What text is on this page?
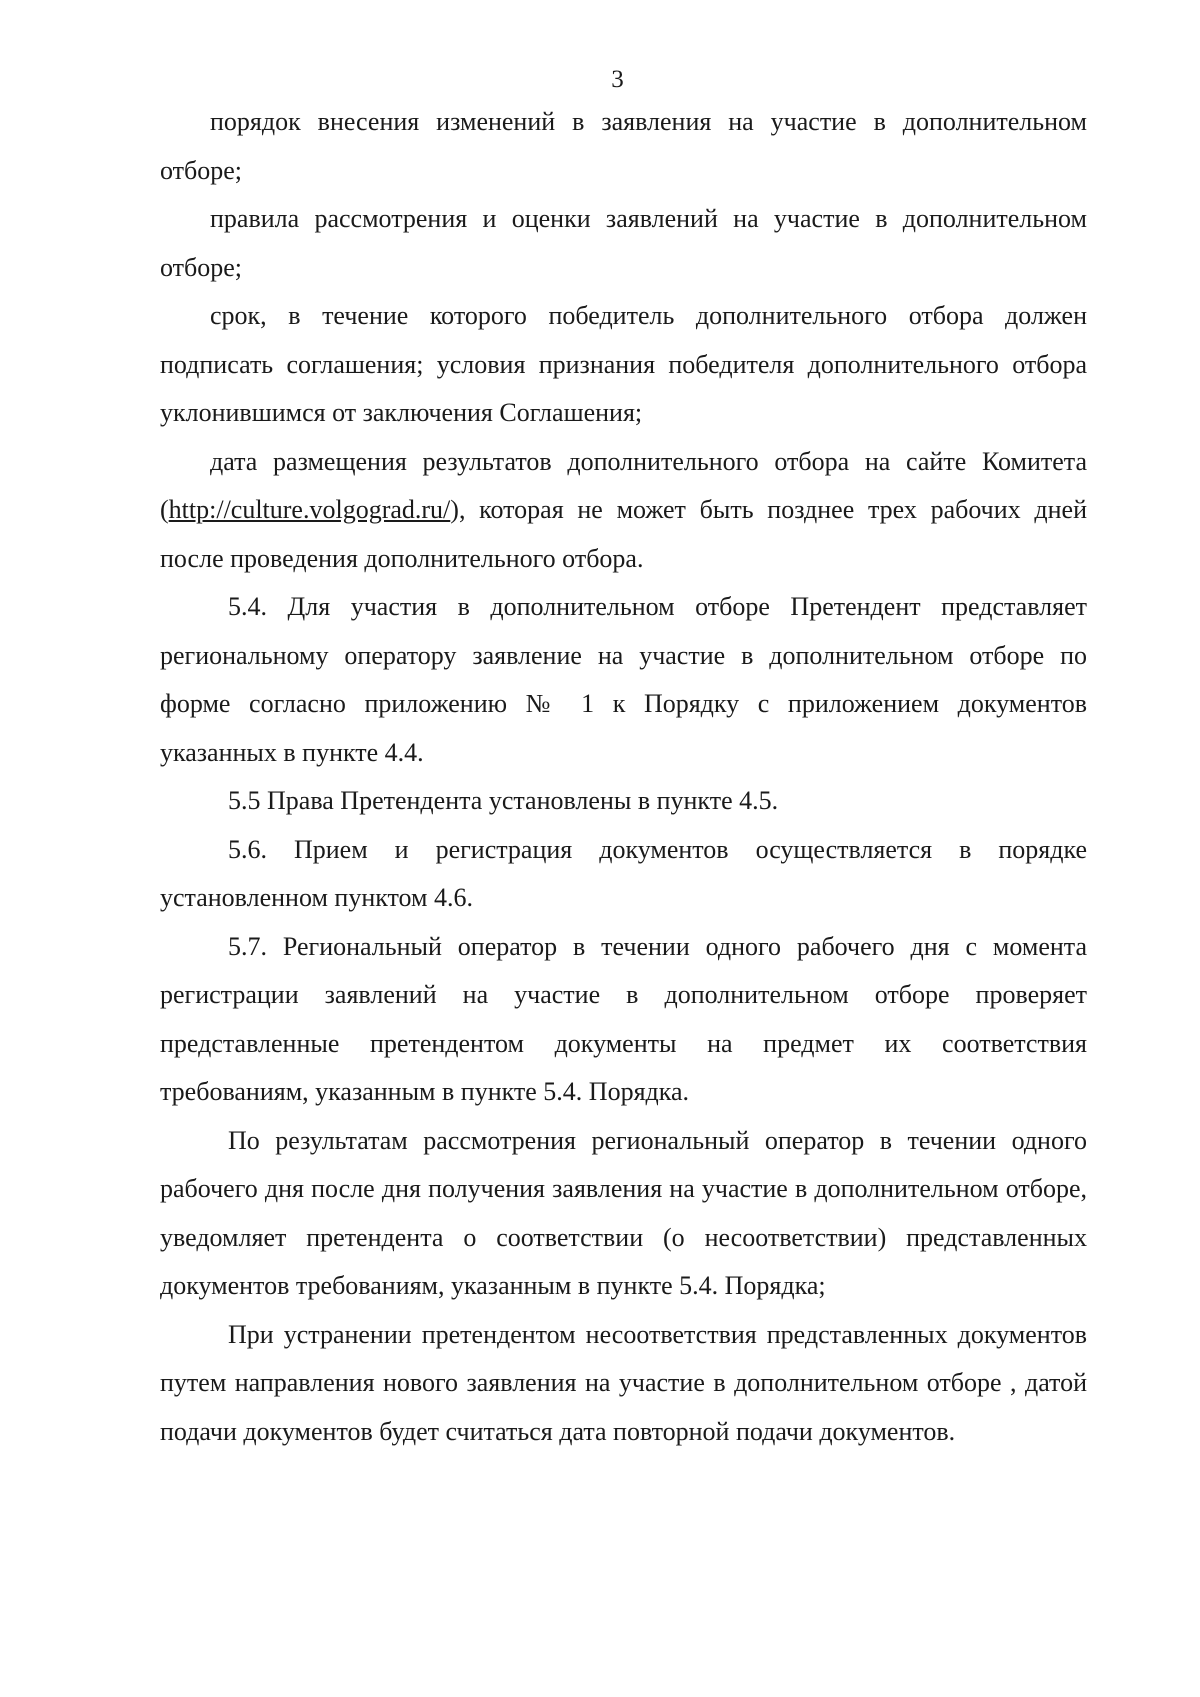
3

порядок внесения изменений в заявления на участие в дополнительном отборе;

правила рассмотрения и оценки заявлений на участие в дополнительном отборе;

срок, в течение которого победитель дополнительного отбора должен подписать соглашения; условия признания победителя дополнительного отбора уклонившимся от заключения Соглашения;

дата размещения результатов дополнительного отбора на сайте Комитета (http://culture.volgograd.ru/), которая не может быть позднее трех рабочих дней после проведения дополнительного отбора.

5.4. Для участия в дополнительном отборе Претендент представляет региональному оператору заявление на участие в дополнительном отборе по форме согласно приложению № 1 к Порядку с приложением документов указанных в пункте 4.4.

5.5 Права Претендента установлены в пункте 4.5.

5.6. Прием и регистрация документов осуществляется в порядке установленном пунктом 4.6.

5.7. Региональный оператор в течении одного рабочего дня с момента регистрации заявлений на участие в дополнительном отборе проверяет представленные претендентом документы на предмет их соответствия требованиям, указанным в пункте 5.4. Порядка.

По результатам рассмотрения региональный оператор в течении одного рабочего дня после дня получения заявления на участие в дополнительном отборе, уведомляет претендента о соответствии (о несоответствии) представленных документов требованиям, указанным в пункте 5.4. Порядка;

При устранении претендентом несоответствия представленных документов путем направления нового заявления на участие в дополнительном отборе , датой подачи документов будет считаться дата повторной подачи документов.
